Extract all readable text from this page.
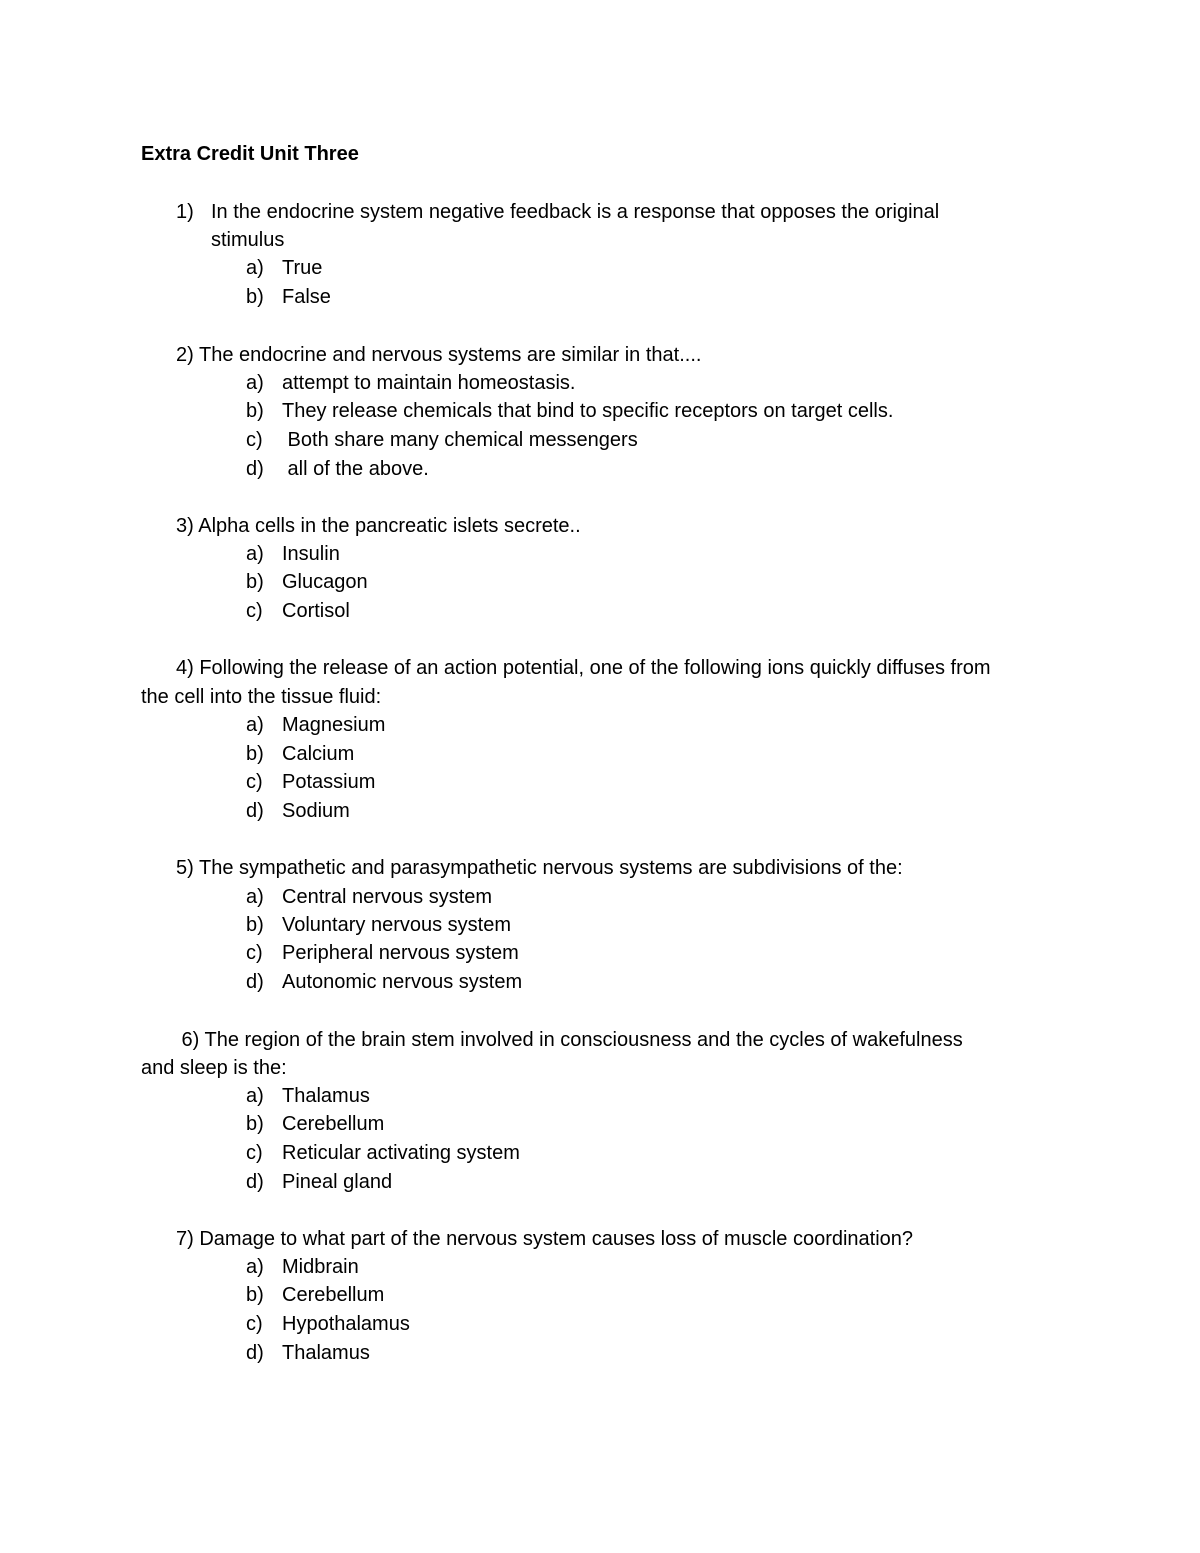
Extra Credit Unit Three
1) In the endocrine system negative feedback is a response that opposes the original
stimulus
a) True
b) False
2) The endocrine and nervous systems are similar in that....
a) attempt to maintain homeostasis.
b) They release chemicals that bind to specific receptors on target cells.
c) Both share many chemical messengers
d) all of the above.
3) Alpha cells in the pancreatic islets secrete..
a) Insulin
b) Glucagon
c) Cortisol
4) Following the release of an action potential, one of the following ions quickly diffuses from
the cell into the tissue fluid:
a) Magnesium
b) Calcium
c) Potassium
d) Sodium
5) The sympathetic and parasympathetic nervous systems are subdivisions of the:
a) Central nervous system
b) Voluntary nervous system
c) Peripheral nervous system
d) Autonomic nervous system
6) The region of the brain stem involved in consciousness and the cycles of wakefulness
and sleep is the:
a) Thalamus
b) Cerebellum
c) Reticular activating system
d) Pineal gland
7) Damage to what part of the nervous system causes loss of muscle coordination?
a) Midbrain
b) Cerebellum
c) Hypothalamus
d) Thalamus
